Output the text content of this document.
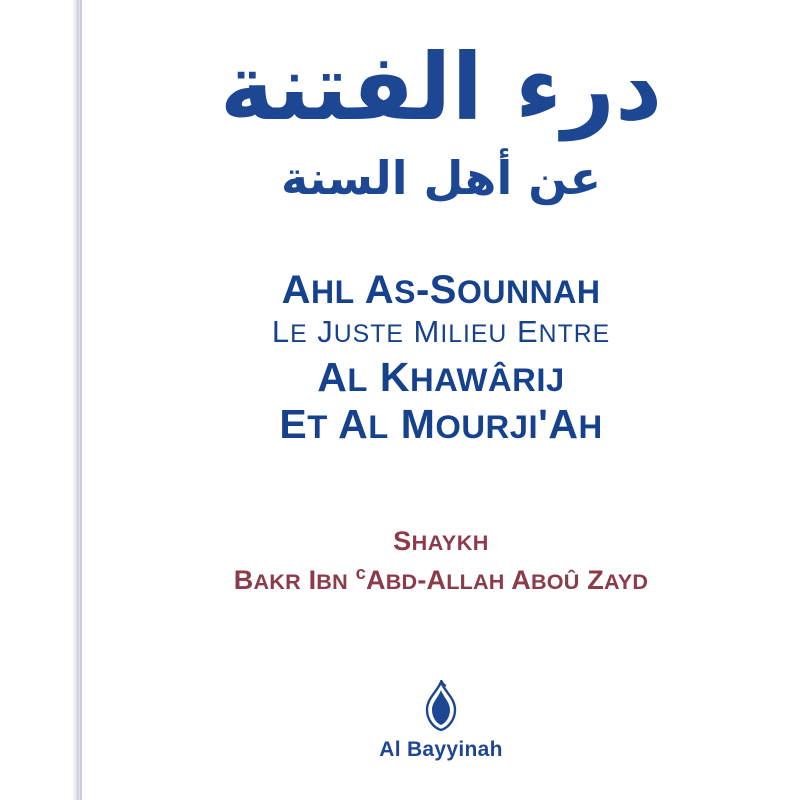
درء الفتنة
عن أهل السنة
AHL AS-SOUNNAH
LE JUSTE MILIEU ENTRE
AL KHAWÂRIJ
ET AL MOURJI'AH
SHAYKH
BAKR IBN $^c$ABD-ALLAH ABOÛ ZAYD
Al Bayyinah
